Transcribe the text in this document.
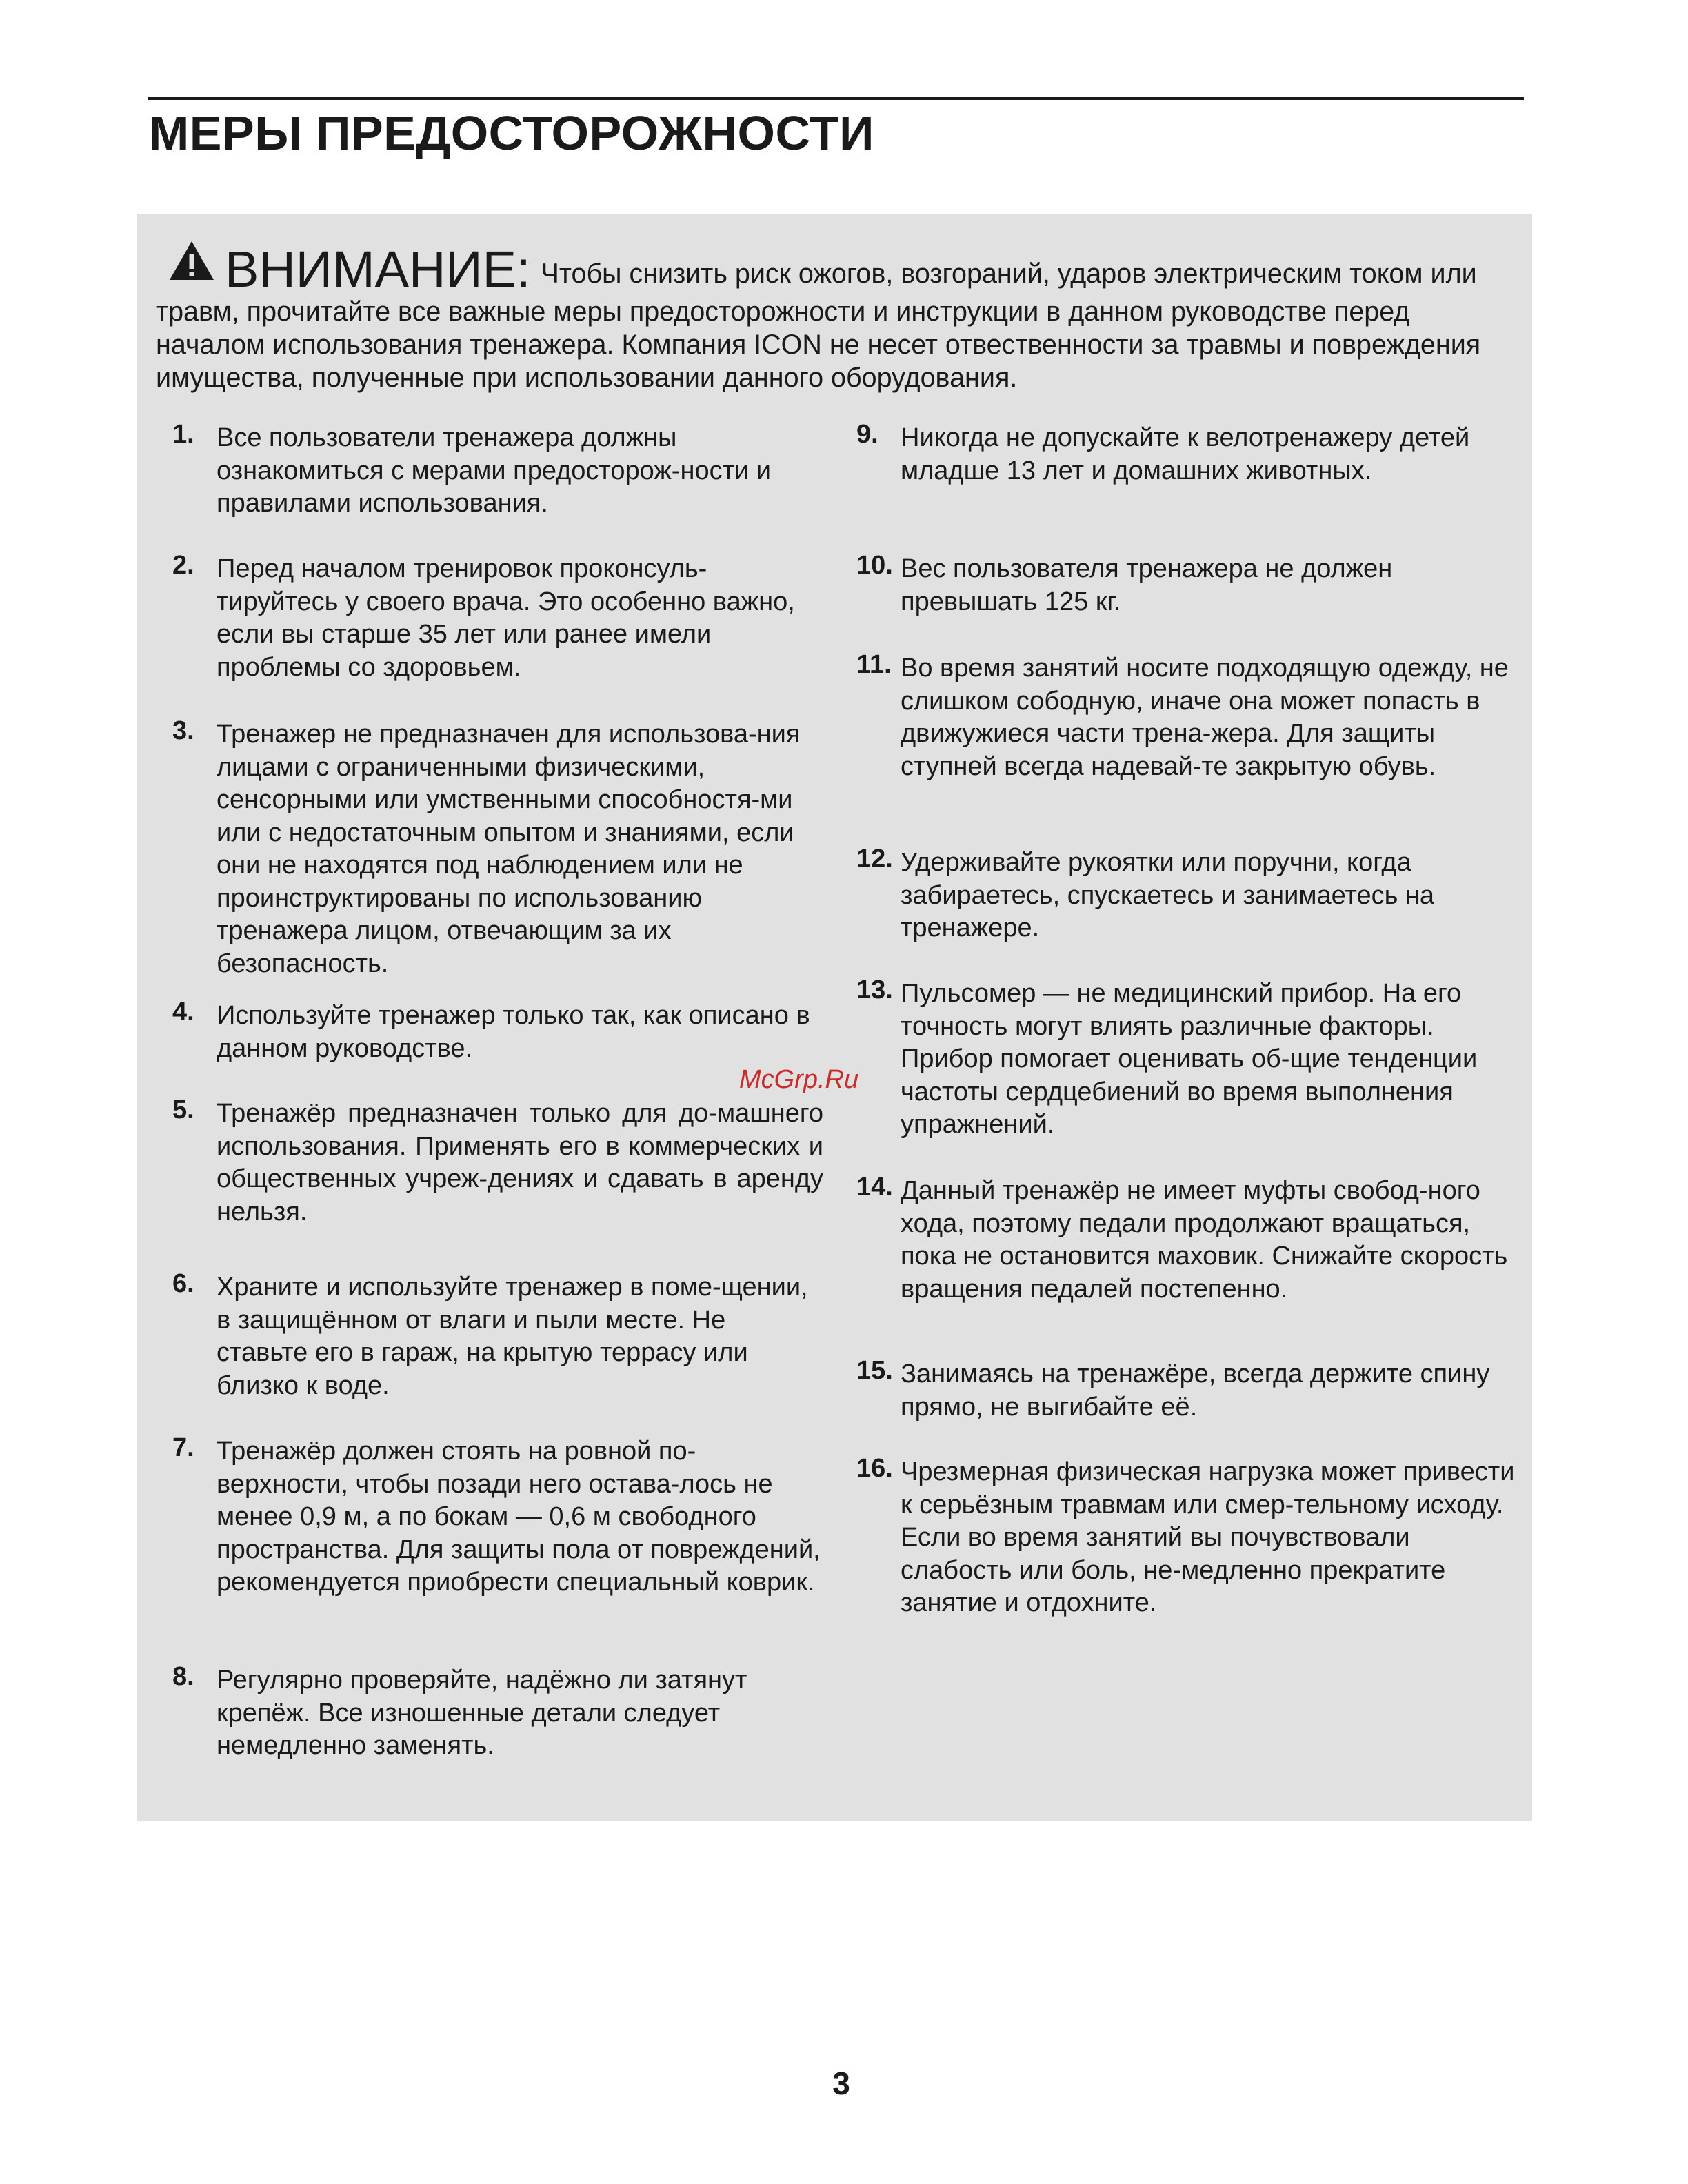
МЕРЫ ПРЕДОСТОРОЖНОСТИ
ВНИМАНИЕ: Чтобы снизить риск ожогов, возгораний, ударов электрическим током или травм, прочитайте все важные меры предосторожности и инструкции в данном руководстве перед началом использования тренажера. Компания ICON не несет отвественности за травмы и повреждения имущества, полученные при использовании данного оборудования.
1. Все пользователи тренажера должны ознакомиться с мерами предосторож-ности и правилами использования.
2. Перед началом тренировок проконсуль-тируйтесь у своего врача. Это особенно важно, если вы старше 35 лет или ранее имели проблемы со здоровьем.
3. Тренажер не предназначен для использова-ния лицами с ограниченными физическими, сенсорными или умственными способностя-ми или с недостаточным опытом и знаниями, если они не находятся под наблюдением или не проинструктированы по использованию тренажера лицом, отвечающим за их безопасность.
4. Используйте тренажер только так, как описано в данном руководстве.
5. Тренажёр предназначен только для до-машнего использования. Применять его в коммерческих и общественных учреж-дениях и сдавать в аренду нельзя.
6. Храните и используйте тренажер в поме-щении, в защищённом от влаги и пыли месте. Не ставьте его в гараж, на крытую террасу или близко к воде.
7. Тренажёр должен стоять на ровной по-верхности, чтобы позади него остава-лось не менее 0,9 м, а по бокам — 0,6 м свободного пространства. Для защиты пола от повреждений, рекомендуется приобрести специальный коврик.
8. Регулярно проверяйте, надёжно ли затянут крепёж. Все изношенные детали следует немедленно заменять.
9. Никогда не допускайте к велотренажеру детей младше 13 лет и домашних животных.
10. Вес пользователя тренажера не должен превышать 125 кг.
11. Во время занятий носите подходящую одежду, не слишком сободную, иначе она может попасть в движужиеся части трена-жера. Для защиты ступней всегда надевай-те закрытую обувь.
12. Удерживайте рукоятки или поручни, когда забираетесь, спускаетесь и занимаетесь на тренажере.
13. Пульсомер — не медицинский прибор. На его точность могут влиять различные факторы. Прибор помогает оценивать об-щие тенденции частоты сердцебиений во время выполнения упражнений.
14. Данный тренажёр не имеет муфты свобод-ного хода, поэтому педали продолжают вращаться, пока не остановится маховик. Снижайте скорость вращения педалей постепенно.
15. Занимаясь на тренажёре, всегда держите спину прямо, не выгибайте её.
16. Чрезмерная физическая нагрузка может привести к серьёзным травмам или смер-тельному исходу. Если во время занятий вы почувствовали слабость или боль, не-медленно прекратите занятие и отдохните.
McGrp.Ru
3
